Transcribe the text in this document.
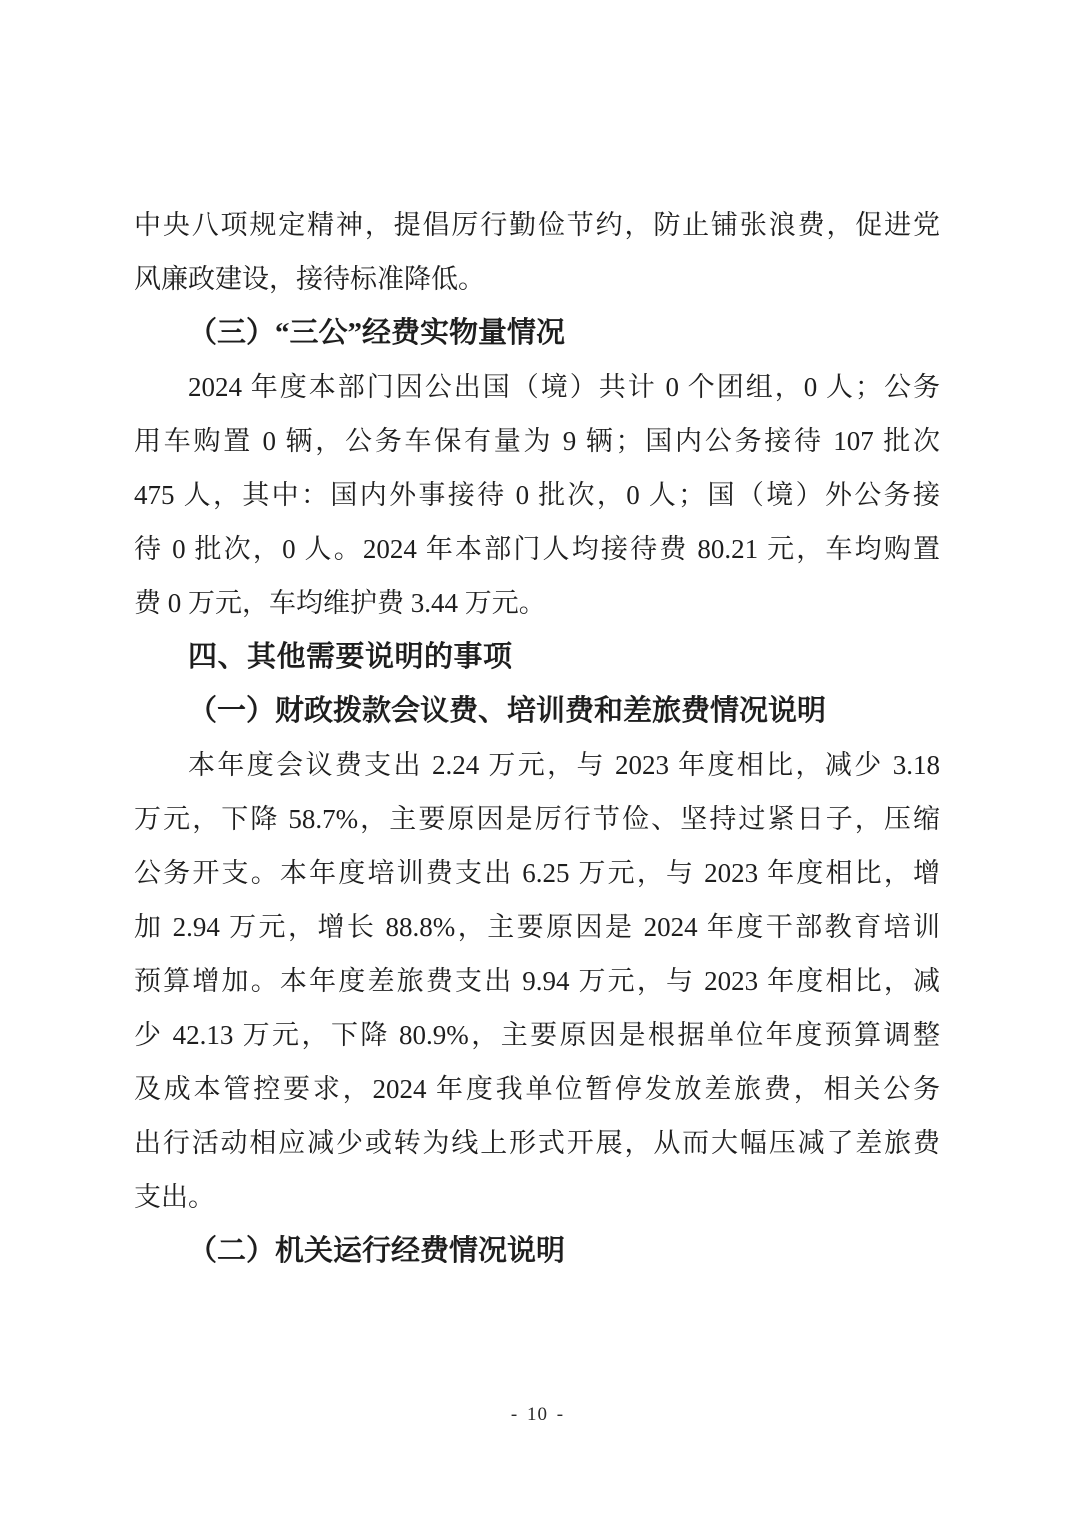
中央八项规定精神，提倡厉行勤俭节约，防止铺张浪费，促进党
风廉政建设，接待标准降低。
（三）“三公”经费实物量情况
2024 年度本部门因公出国（境）共计 0 个团组，0 人；公务
用车购置 0 辆，公务车保有量为 9 辆；国内公务接待 107 批次
475 人，其中：国内外事接待 0 批次，0 人；国（境）外公务接
待 0 批次，0 人。2024 年本部门人均接待费 80.21 元，车均购置
费 0 万元，车均维护费 3.44 万元。
四、其他需要说明的事项
（一）财政拨款会议费、培训费和差旅费情况说明
本年度会议费支出 2.24 万元，与 2023 年度相比，减少 3.18
万元，下降 58.7%，主要原因是厉行节俭、坚持过紧日子，压缩
公务开支。本年度培训费支出 6.25 万元，与 2023 年度相比，增
加 2.94 万元，增长 88.8%，主要原因是 2024 年度干部教育培训
预算增加。本年度差旅费支出 9.94 万元，与 2023 年度相比，减
少 42.13 万元，下降 80.9%，主要原因是根据单位年度预算调整
及成本管控要求，2024 年度我单位暂停发放差旅费，相关公务
出行活动相应减少或转为线上形式开展，从而大幅压减了差旅费
支出。
（二）机关运行经费情况说明
- 10 -
